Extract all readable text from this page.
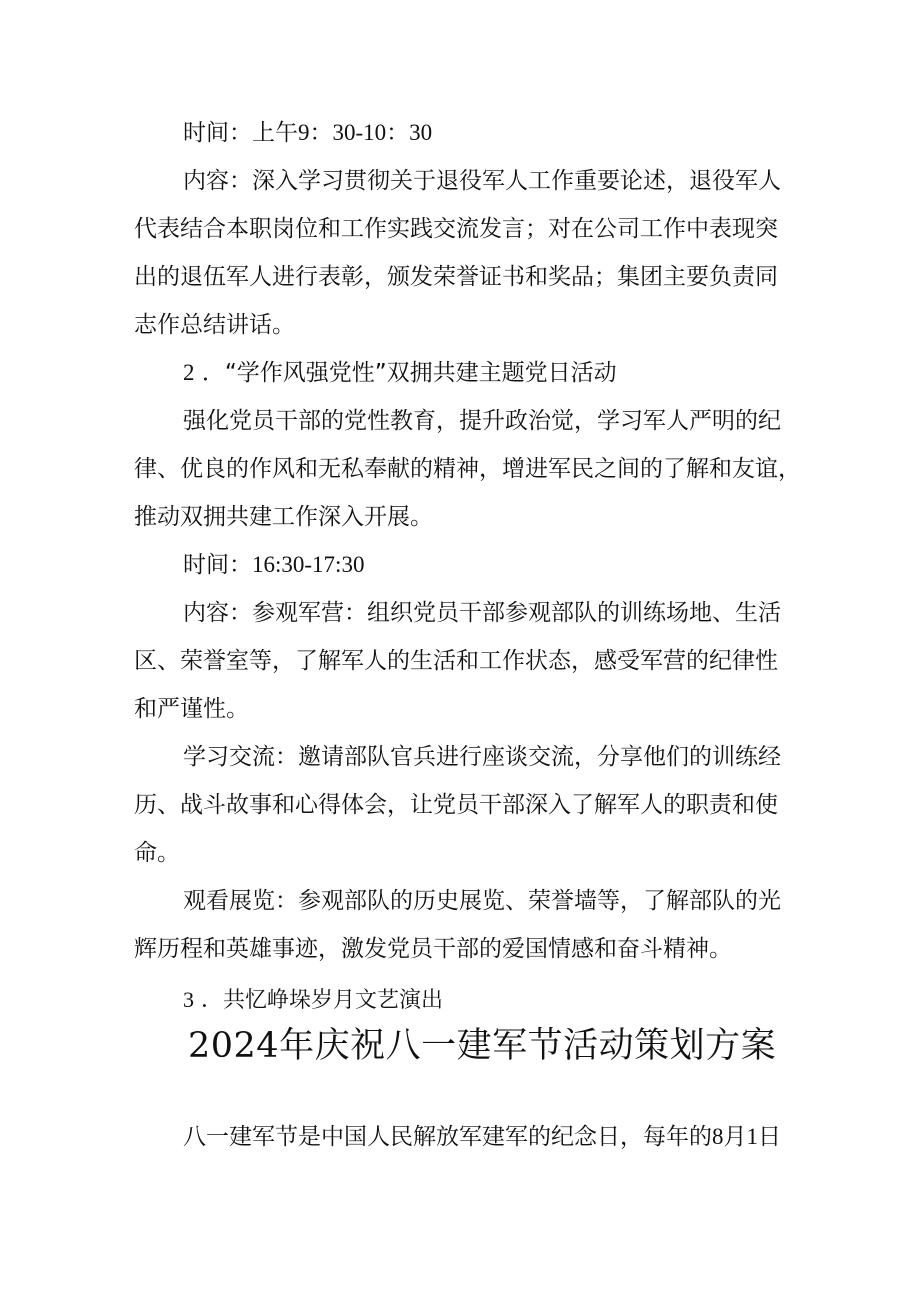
时间：上午9：30-10：30
内容：深入学习贯彻关于退役军人工作重要论述，退役军人
代表结合本职岗位和工作实践交流发言；对在公司工作中表现突
出的退伍军人进行表彰，颁发荣誉证书和奖品；集团主要负责同
志作总结讲话。
2 ．“学作风强党性”双拥共建主题党日活动
强化党员干部的党性教育，提升政治觉，学习军人严明的纪
律、优良的作风和无私奉献的精神，增进军民之间的了解和友谊，
推动双拥共建工作深入开展。
时间：16:30-17:30
内容：参观军营：组织党员干部参观部队的训练场地、生活
区、荣誉室等，了解军人的生活和工作状态，感受军营的纪律性
和严谨性。
学习交流：邀请部队官兵进行座谈交流，分享他们的训练经
历、战斗故事和心得体会，让党员干部深入了解军人的职责和使
命。
观看展览：参观部队的历史展览、荣誉墙等，了解部队的光
辉历程和英雄事迹，激发党员干部的爱国情感和奋斗精神。
3 ．共忆峥垛岁月文艺演出
2024年庆祝八一建军节活动策划方案
八一建军节是中国人民解放军建军的纪念日，每年的8月1日
